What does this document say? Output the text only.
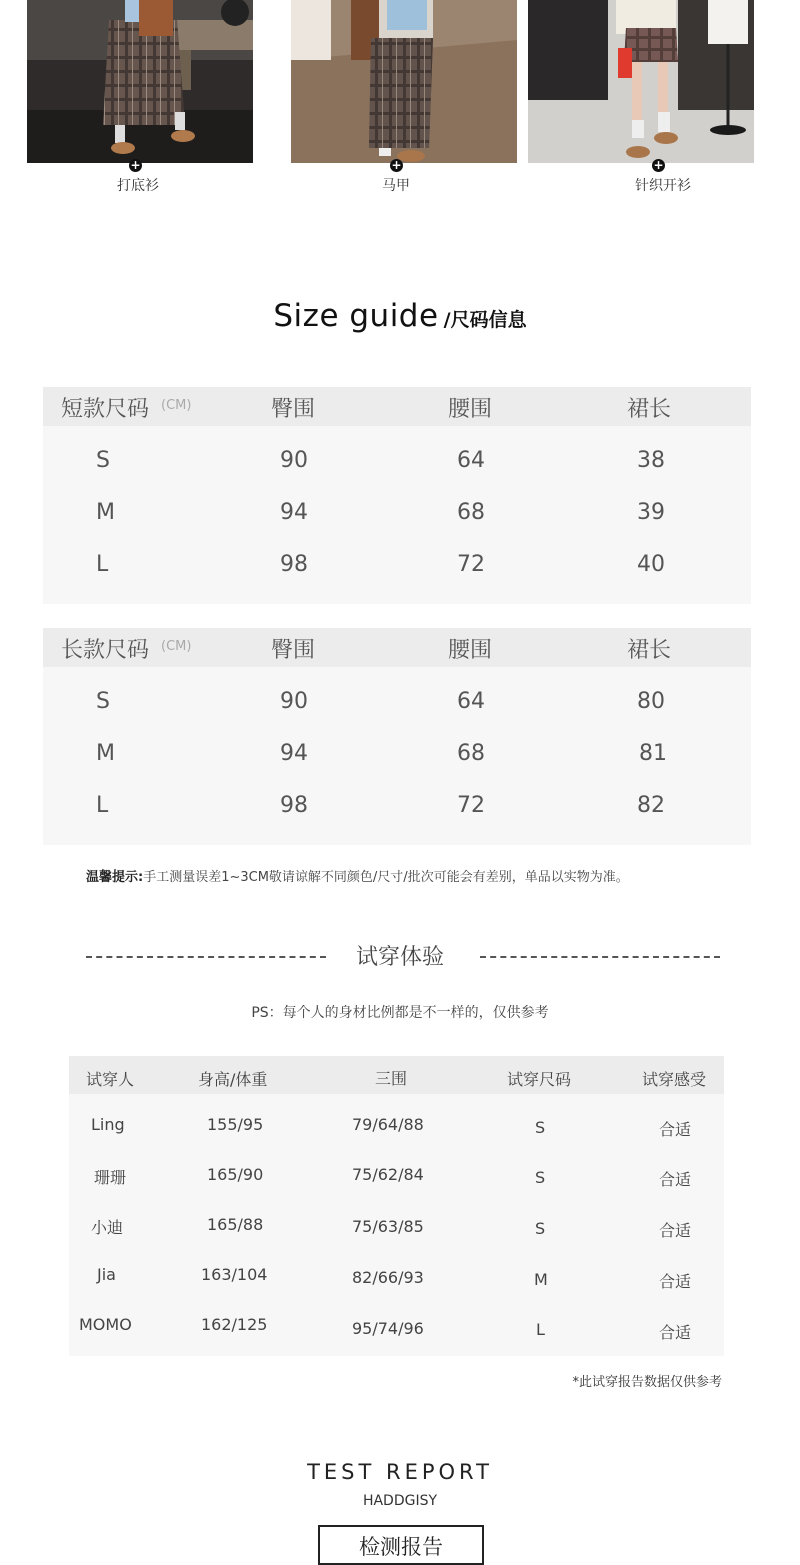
+
打底衫
+
马甲
+
针织开衫
Size guide /尺码信息
短款尺码 (CM)	臀围	腰围	裙长
S	90	64	38
M	94	68	39
L	98	72	40
长款尺码 (CM)	臀围	腰围	裙长
S	90	64	80
M	94	68	81
L	98	72	82
温馨提示:手工测量误差1~3CM敬请谅解不同颜色/尺寸/批次可能会有差别，单品以实物为准。
试穿体验
PS：每个人的身材比例都是不一样的，仅供参考
试穿人	身高/体重	三围	试穿尺码	试穿感受
Ling	155/95	79/64/88	S	合适
珊珊	165/90	75/62/84	S	合适
小迪	165/88	75/63/85	S	合适
Jia	163/104	82/66/93	M	合适
MOMO	162/125	95/74/96	L	合适
*此试穿报告数据仅供参考
TEST REPORT
HADDGISY
检测报告
